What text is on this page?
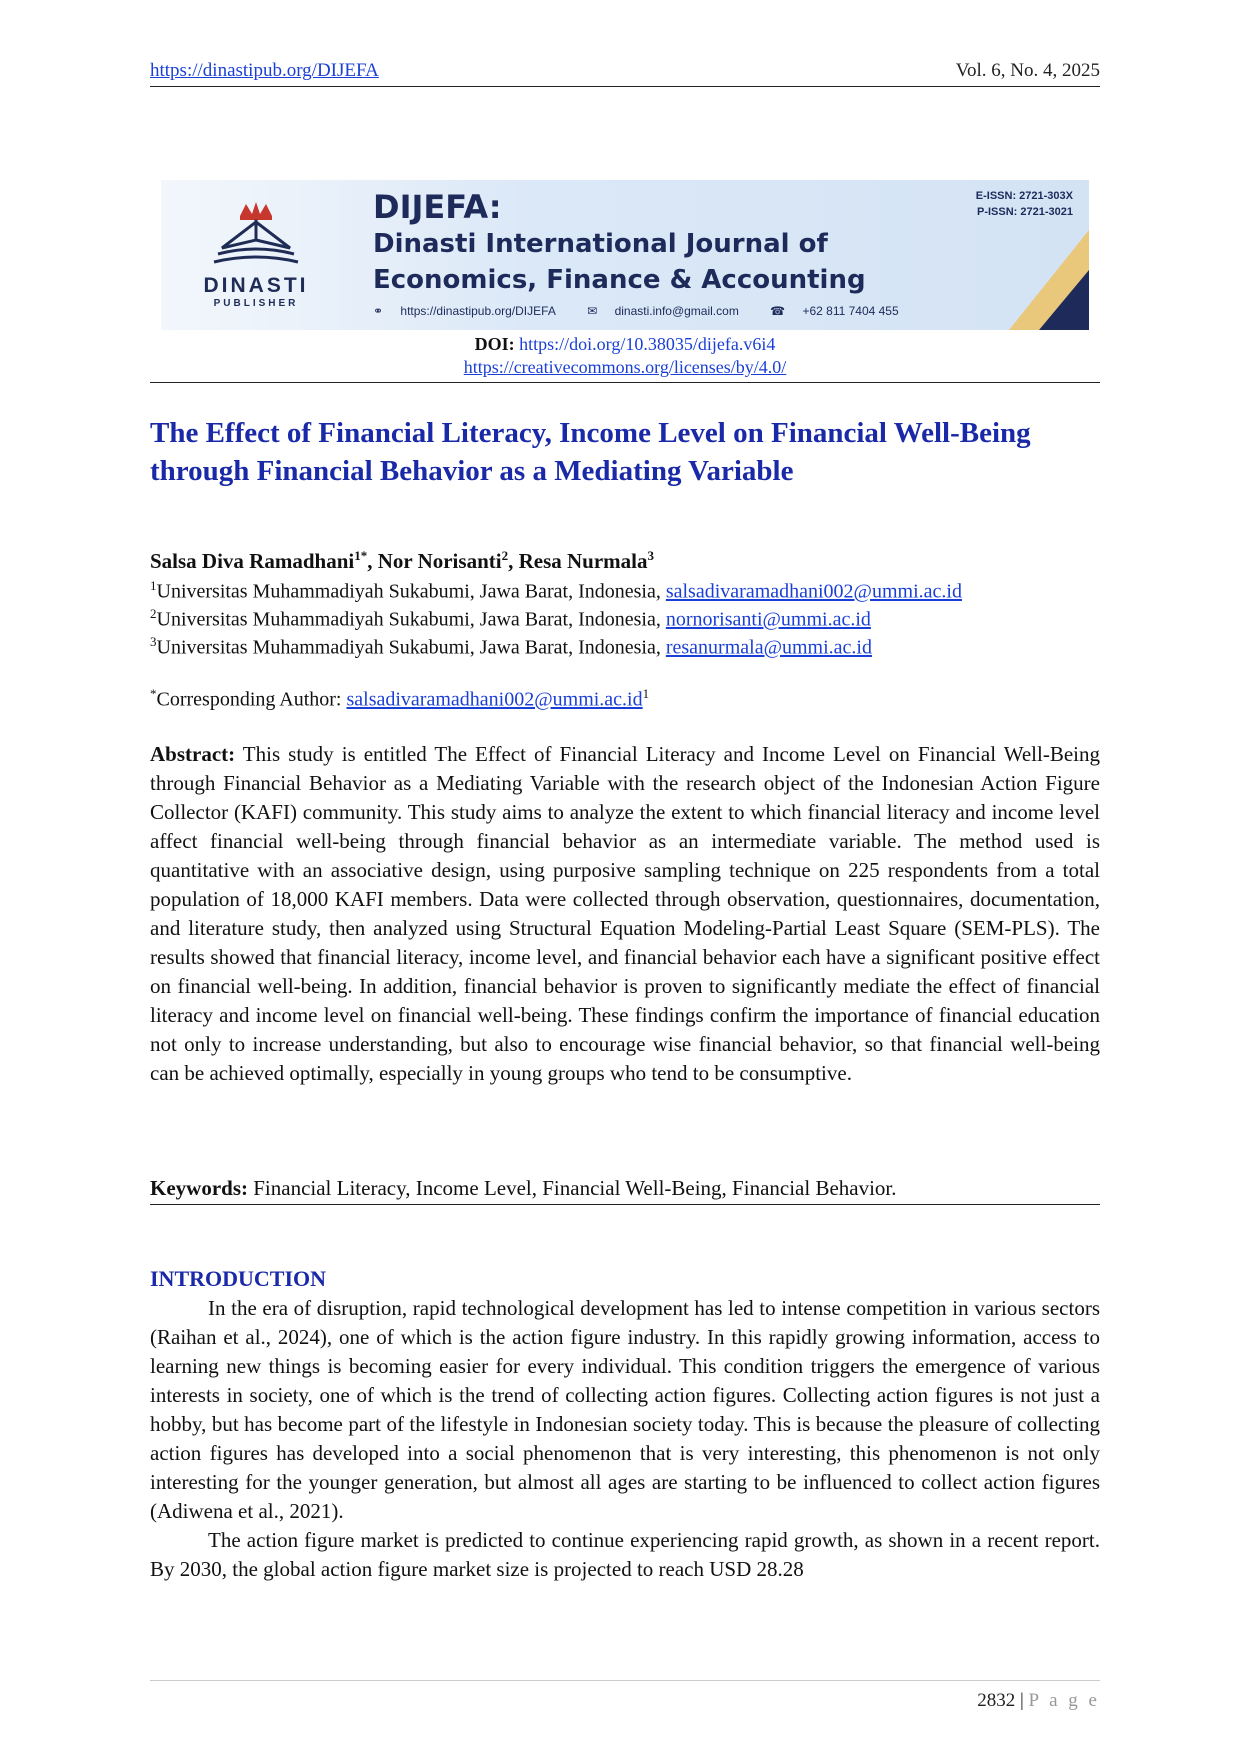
https://dinastipub.org/DIJEFA	Vol. 6, No. 4, 2025
DINASTI
PUBLISHER
DIJEFA:
Dinasti International Journal of
Economics, Finance & Accounting
⚭ https://dinastipub.org/DIJEFA	✉ dinasti.info@gmail.com	☎ +62 811 7404 455
E-ISSN: 2721-303X
P-ISSN: 2721-3021
DOI: https://doi.org/10.38035/dijefa.v6i4
https://creativecommons.org/licenses/by/4.0/
The Effect of Financial Literacy, Income Level on Financial Well-Being through Financial Behavior as a Mediating Variable
Salsa Diva Ramadhani$^{1*}$, Nor Norisanti$^2$, Resa Nurmala$^3$
$^1$Universitas Muhammadiyah Sukabumi, Jawa Barat, Indonesia, salsadivaramadhani002@ummi.ac.id
$^2$Universitas Muhammadiyah Sukabumi, Jawa Barat, Indonesia, nornorisanti@ummi.ac.id
$^3$Universitas Muhammadiyah Sukabumi, Jawa Barat, Indonesia, resanurmala@ummi.ac.id
*Corresponding Author: $salsadivaramadhani002@ummi.ac.id^1$
Abstract: This study is entitled The Effect of Financial Literacy and Income Level on Financial Well-Being through Financial Behavior as a Mediating Variable with the research object of the Indonesian Action Figure Collector (KAFI) community. This study aims to analyze the extent to which financial literacy and income level affect financial well-being through financial behavior as an intermediate variable. The method used is quantitative with an associative design, using purposive sampling technique on 225 respondents from a total population of 18,000 KAFI members. Data were collected through observation, questionnaires, documentation, and literature study, then analyzed using Structural Equation Modeling-Partial Least Square (SEM-PLS). The results showed that financial literacy, income level, and financial behavior each have a significant positive effect on financial well-being. In addition, financial behavior is proven to significantly mediate the effect of financial literacy and income level on financial well-being. These findings confirm the importance of financial education not only to increase understanding, but also to encourage wise financial behavior, so that financial well-being can be achieved optimally, especially in young groups who tend to be consumptive.
Keywords: Financial Literacy, Income Level, Financial Well-Being, Financial Behavior.
INTRODUCTION

In the era of disruption, rapid technological development has led to intense competition in various sectors (Raihan et al., 2024), one of which is the action figure industry. In this rapidly growing information, access to learning new things is becoming easier for every individual. This condition triggers the emergence of various interests in society, one of which is the trend of collecting action figures. Collecting action figures is not just a hobby, but has become part of the lifestyle in Indonesian society today. This is because the pleasure of collecting action figures has developed into a social phenomenon that is very interesting, this phenomenon is not only interesting for the younger generation, but almost all ages are starting to be influenced to collect action figures (Adiwena et al., 2021).

The action figure market is predicted to continue experiencing rapid growth, as shown in a recent report. By 2030, the global action figure market size is projected to reach USD 28.28

2832 | P a g e
